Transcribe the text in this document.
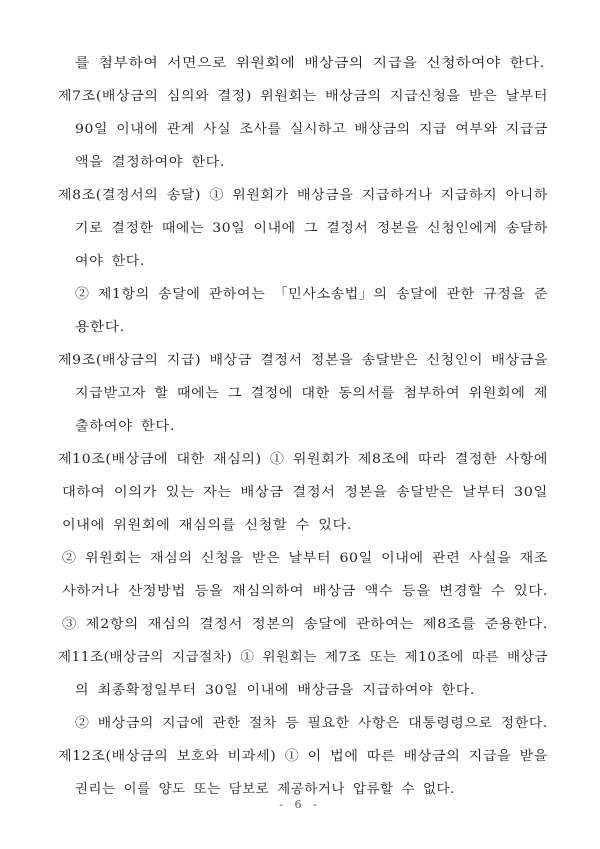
를 첨부하여 서면으로 위원회에 배상금의 지급을 신청하여야 한다.
제7조(배상금의 심의와 결정) 위원회는 배상금의 지급신청을 받은 날부터
90일 이내에 관계 사실 조사를 실시하고 배상금의 지급 여부와 지급금
액을 결정하여야 한다.
제8조(결정서의 송달) ① 위원회가 배상금을 지급하거나 지급하지 아니하
기로 결정한 때에는 30일 이내에 그 결정서 정본을 신청인에게 송달하
여야 한다.
② 제1항의 송달에 관하여는 「민사소송법」의 송달에 관한 규정을 준
용한다.
제9조(배상금의 지급) 배상금 결정서 정본을 송달받은 신청인이 배상금을
지급받고자 할 때에는 그 결정에 대한 동의서를 첨부하여 위원회에 제
출하여야 한다.
제10조(배상금에 대한 재심의) ① 위원회가 제8조에 따라 결정한 사항에
대하여 이의가 있는 자는 배상금 결정서 정본을 송달받은 날부터 30일
이내에 위원회에 재심의를 신청할 수 있다.
② 위원회는 재심의 신청을 받은 날부터 60일 이내에 관련 사실을 재조
사하거나 산정방법 등을 재심의하여 배상금 액수 등을 변경할 수 있다.
③ 제2항의 재심의 결정서 정본의 송달에 관하여는 제8조를 준용한다.
제11조(배상금의 지급절차) ① 위원회는 제7조 또는 제10조에 따른 배상금
의 최종확정일부터 30일 이내에 배상금을 지급하여야 한다.
② 배상금의 지급에 관한 절차 등 필요한 사항은 대통령령으로 정한다.
제12조(배상금의 보호와 비과세) ① 이 법에 따른 배상금의 지급을 받을
권리는 이를 양도 또는 담보로 제공하거나 압류할 수 없다.
- 6 -
